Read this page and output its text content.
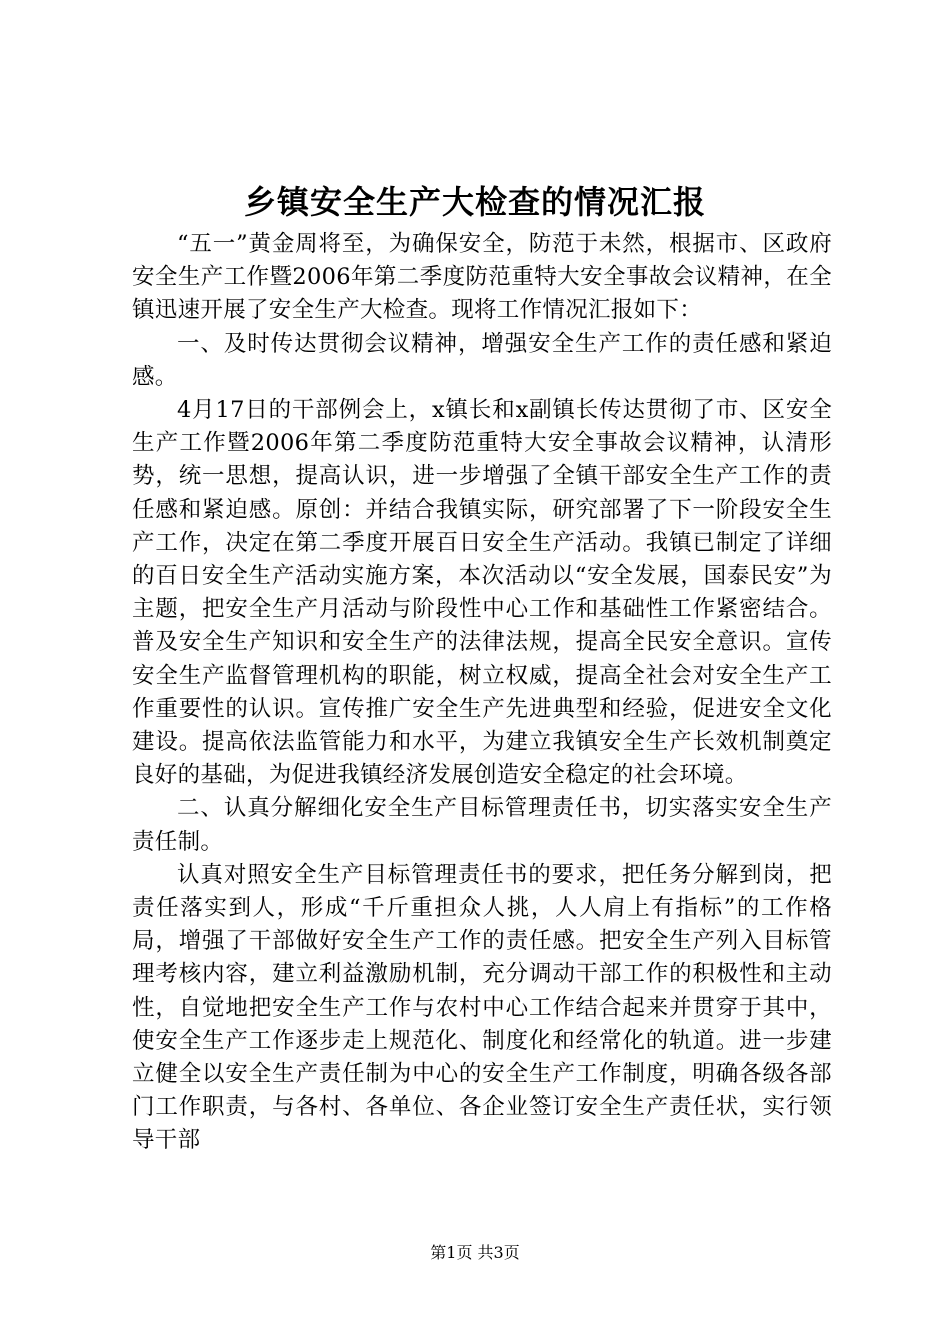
乡镇安全生产大检查的情况汇报

“五一”黄金周将至，为确保安全，防范于未然，根据市、区政府安全生产工作暨2006年第二季度防范重特大安全事故会议精神，在全镇迅速开展了安全生产大检查。现将工作情况汇报如下：

一、及时传达贯彻会议精神，增强安全生产工作的责任感和紧迫感。

4月17日的干部例会上，x镇长和x副镇长传达贯彻了市、区安全生产工作暨2006年第二季度防范重特大安全事故会议精神，认清形势，统一思想，提高认识，进一步增强了全镇干部安全生产工作的责任感和紧迫感。原创：并结合我镇实际，研究部署了下一阶段安全生产工作，决定在第二季度开展百日安全生产活动。我镇已制定了详细的百日安全生产活动实施方案，本次活动以“安全发展，国泰民安”为主题，把安全生产月活动与阶段性中心工作和基础性工作紧密结合。普及安全生产知识和安全生产的法律法规，提高全民安全意识。宣传安全生产监督管理机构的职能，树立权威，提高全社会对安全生产工作重要性的认识。宣传推广安全生产先进典型和经验，促进安全文化建设。提高依法监管能力和水平，为建立我镇安全生产长效机制奠定良好的基础，为促进我镇经济发展创造安全稳定的社会环境。

二、认真分解细化安全生产目标管理责任书，切实落实安全生产责任制。

认真对照安全生产目标管理责任书的要求，把任务分解到岗，把责任落实到人，形成“千斤重担众人挑，人人肩上有指标”的工作格局，增强了干部做好安全生产工作的责任感。把安全生产列入目标管理考核内容，建立利益激励机制，充分调动干部工作的积极性和主动性，自觉地把安全生产工作与农村中心工作结合起来并贯穿于其中，使安全生产工作逐步走上规范化、制度化和经常化的轨道。进一步建立健全以安全生产责任制为中心的安全生产工作制度，明确各级各部门工作职责，与各村、各单位、各企业签订安全生产责任状，实行领导干部

第1页 共3页
